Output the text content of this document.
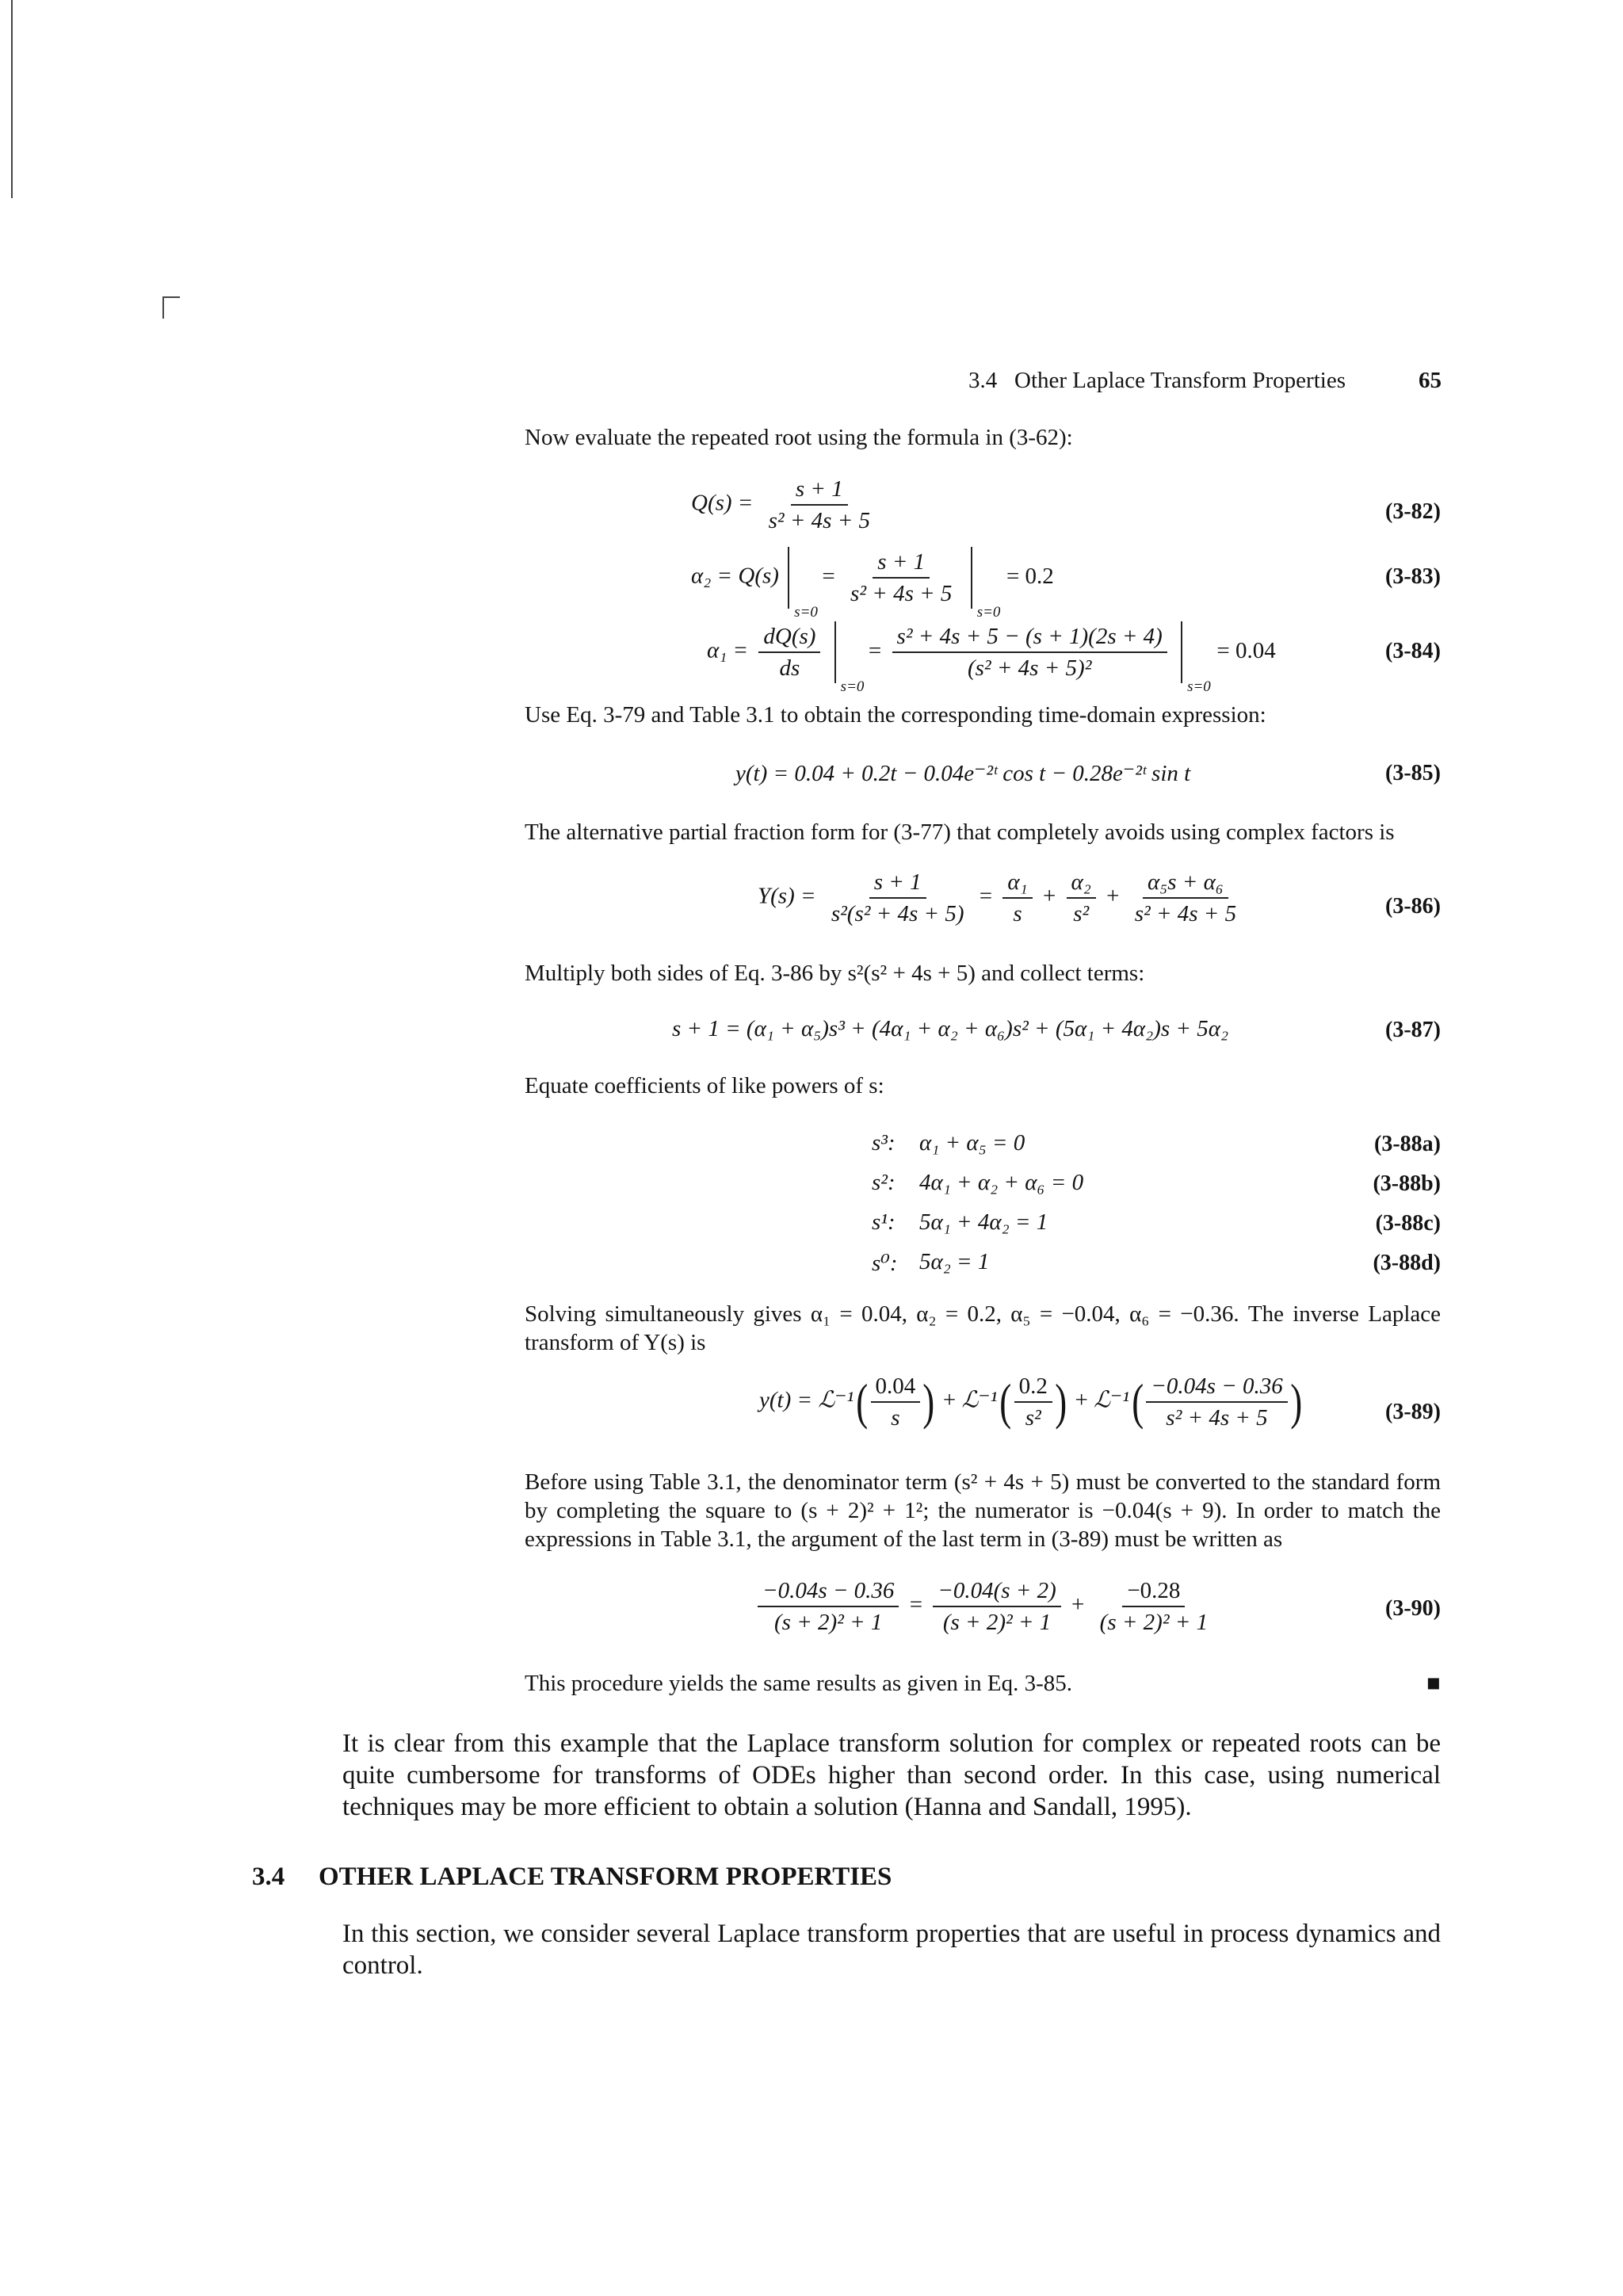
3.4 Other Laplace Transform Properties	65
Now evaluate the repeated root using the formula in (3-62):
$Q(s) = \frac{s + 1}{\text{s² + 4s + 5}}$	(3-82)
α₂ = Q(s)
s=0
= $\frac{s + 1}{\text{s² + 4s + 5}}$

s=0
= 0.2	(3-83)
$\alpha_1 = \frac{dQ(s)}{ds}$

s=0
= $\frac{\text{s² + 4s + 5 − (s + 1)(2s + 4)}}{\text{(s² + 4s + 5)²}}$

s=0
= 0.04	(3-84)
Use Eq. 3-79 and Table 3.1 to obtain the corresponding time-domain expression:
y(t) = 0.04 + 0.2t − 0.04e⁻²ᵗ cos t − 0.28e⁻²ᵗ sin t	(3-85)
The alternative partial fraction form for (3-77) that completely avoids using complex factors is
$Y(s) = \frac{s + 1}{\text{s²(s² + 4s + 5)}} = \frac{\text{α₁}}{s} + \frac{\text{α₂}}{\text{s²}} + \frac{\text{α₅s + α₆}}{\text{s² + 4s + 5}}$	(3-86)
Multiply both sides of Eq. 3-86 by s²(s² + 4s + 5) and collect terms:
s + 1 = (α₁ + α₅)s³ + (4α₁ + α₂ + α₆)s² + (5α₁ + 4α₂)s + 5α₂	(3-87)
Equate coefficients of like powers of s:
s³: α₁ + α₅ = 0	(3-88a)
s²: 4α₁ + α₂ + α₆ = 0	(3-88b)
s¹: 5α₁ + 4α₂ = 1	(3-88c)
s⁰: 5α₂ = 1	(3-88d)
Solving simultaneously gives α₁ = 0.04, α₂ = 0.2, α₅ = −0.04, α₆ = −0.36. The inverse Laplace transform of Y(s) is
y(t) = ℒ⁻¹( $\frac{0.04}{s}$ ) + ℒ⁻¹( $\frac{0.2}{\text{s²}}$ ) + ℒ⁻¹( $\frac{-0.04s - 0.36}{\text{s² + 4s + 5}}$ )	(3-89)
Before using Table 3.1, the denominator term (s² + 4s + 5) must be converted to the standard form by completing the square to (s + 2)² + 1²; the numerator is −0.04(s + 9). In order to match the expressions in Table 3.1, the argument of the last term in (3-89) must be written as
$\frac{-0.04s - 0.36}{\text{(s + 2)² + 1}} = \frac{-0.04(s + 2)}{\text{(s + 2)² + 1}} + \frac{-0.28}{\text{(s + 2)² + 1}}$	(3-90)
This procedure yields the same results as given in Eq. 3-85.	■
It is clear from this example that the Laplace transform solution for complex or repeated roots can be quite cumbersome for transforms of ODEs higher than second order. In this case, using numerical techniques may be more efficient to obtain a solution (Hanna and Sandall, 1995).
3.4 OTHER LAPLACE TRANSFORM PROPERTIES
In this section, we consider several Laplace transform properties that are useful in process dynamics and control.
